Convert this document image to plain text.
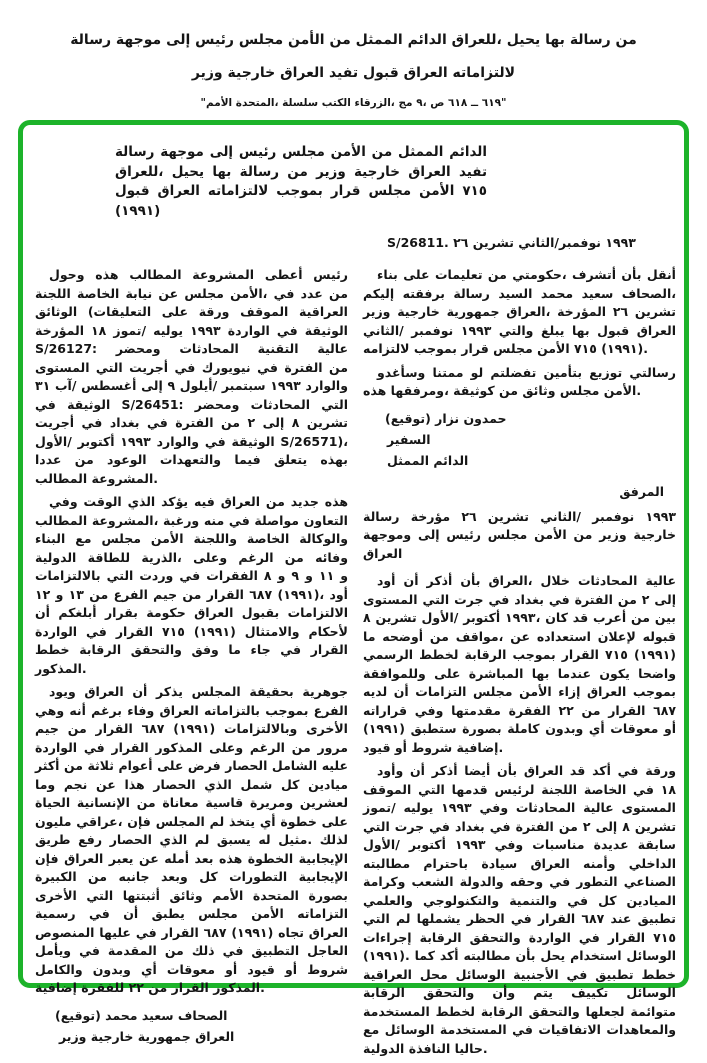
رسالة موجهة إلى رئيس مجلس الأمن من الممثل الدائم للعراق، يحيل بها رسالة من
وزير خارجية العراق تفيد قبول العراق لالتزاماته
"الأمم المتحدة، سلسلة الكتب الزرقاء، مج ٩، ص ٦١٨ ــ ٦١٩"
رسالة موجهة إلى رئيس مجلس الأمن من الممثل الدائم للعراق، يحيل بها رسالة من وزير خارجية العراق تفيد قبول العراق لالتزاماته بموجب قرار مجلس الأمن ٧١٥ (١٩٩١)
S/26811. ٢٦ تشرين الثاني/نوفمبر ١٩٩٣

وحول هذه المطالب المشروعة أعطى رئيس اللجنة الخاصة نيابة عن مجلس الأمن، في عدد من الوثائق (التعليقات على ورقة الموقف العراقية المؤرخة ١٨ تموز/ يوليه ١٩٩٣ الواردة في الوثيقة S/26127: ومحضر المحادثات التقنية عالية المستوى التي أجريت في نيويورك في الفترة من ٣١ آب/ أغسطس إلى ٩ أيلول/ سبتمبر ١٩٩٣ والوارد في الوثيقة S/26451: ومحضر المحادثات التي أجريت في بغداد في الفترة من ٢ إلى ٨ تشرين الأول/ أكتوبر ١٩٩٣ والوارد في الوثيقة S/26571)، عددا من الوعود والتعهدات فيما يتعلق بهذه المطالب المشروعة.

وفي الوقت الذي يؤكد فيه العراق من جديد هذه المطالب المشروعة، ورغبة منه في مواصلة التعاون البناء مع مجلس الأمن واللجنة الخاصة والوكالة الدولية للطاقة الذرية، وعلى الرغم من وفائه بالالتزامات التي وردت في الفقرات ٨ و ٩ و ١١ و ١٢ و ١٣ من الفرع جيم من القرار ٦٨٧ (١٩٩١)، أود أن أبلغكم بقرار حكومة العراق بقبول الالتزامات الواردة في القرار ٧١٥ (١٩٩١) والامتثال لأحكام خطط الرقابة والتحقق وفق ما جاء في القرار المذكور.

ويود العراق أن يذكر المجلس بحقيقة جوهرية وهي أنه برغم وفاء العراق بالتزاماته بموجب الفرع جيم من القرار ٦٨٧ (١٩٩١) وبالالتزامات الأخرى الواردة في القرار المذكور وعلى الرغم من مرور أكثر من ثلاثة أعوام على فرض الحصار الشامل عليه وما نجم عن هذا الحصار الذي شمل كل ميادين الحياة الإنسانية من معاناة قاسية ومريرة لعشرين مليون عراقي، فإن المجلس لم يتخذ أي خطوة على طريق رفع الحصار الذي لم يسبق له مثيل. لذلك فإن العراق يعبر عن أمله بعد هذه الخطوة الإيجابية الكبيرة من جانبه وبعد كل التطورات الإيجابية الأخرى التي أثبتتها وثائق الأمم المتحدة بصورة رسمية في أن يطبق مجلس الأمن التزاماته المنصوص عليها في القرار ٦٨٧ (١٩٩١) تجاه العراق ويأمل في المقدمة من ذلك في التطبيق العاجل والكامل وبدون أي معوقات أو قيود أو شروط إضافية للفقرة ٢٢ من القرار المذكور.

(توقيع) محمد سعيد الصحاف
وزير خارجية جمهورية العراق

بناء على تعليمات من حكومتي، أتشرف بأن أنقل إليكم برفقته رسالة السيد محمد سعيد الصحاف، وزير خارجية جمهورية العراق، المؤرخة ٢٦ تشرين الثاني/ نوفمبر ١٩٩٣ والتي يبلغ بها قبول العراق لالتزامه بموجب قرار مجلس الأمن ٧١٥ (١٩٩١).

وسأغدو ممتنا لو تفضلتم بتأمين توزيع رسالتي هذه ومرفقها، كوثيقة من وثائق مجلس الأمن.

(توقيع) نزار حمدون
السفير
الممثل الدائم
المرفق
رسالة مؤرخة ٢٦ تشرين الثاني/ نوفمبر ١٩٩٣ وموجهة إلى رئيس مجلس الأمن من وزير خارجية العراق

أود أن أذكر بأن العراق، خلال المحادثات عالية المستوى التي جرت في بغداد في الفترة من ٢ إلى ٨ تشرين الأول/ أكتوبر ١٩٩٣، كان قد أعرب من بين ما أوضحه من مواقف، عن استعداده لإعلان قبوله الرسمي لخطط الرقابة بموجب القرار ٧١٥ (١٩٩١) وللموافقة على المباشرة بها عندما يكون واضحا لديه أن التزامات مجلس الأمن إزاء العراق بموجب قراراته وفي مقدمتها الفقرة ٢٢ من القرار ٦٨٧ (١٩٩١) ستطبق بصورة كاملة وبدون أي معوقات أو قيود أو شروط إضافية.

وأود أن أذكر أيضا بأن العراق قد أكد في ورقة الموقف التي قدمها لرئيس اللجنة الخاصة في ١٨ تموز/ يوليه ١٩٩٣ وفي المحادثات عالية المستوى التي جرت في بغداد في الفترة من ٢ إلى ٨ تشرين الأول/ أكتوبر ١٩٩٣ وفي مناسبات عديدة سابقة مطالبته باحترام سيادة العراق وأمنه الداخلي وكرامة الشعب والدولة وحقه في التطور الصناعي والعلمي والتكنولوجي والتنمية في كل الميادين التي لم يشملها الحظر في القرار ٦٨٧ عند تطبيق إجراءات الرقابة والتحقق الواردة في القرار ٧١٥ (١٩٩١). كما أكد مطالبته بأن يحل استخدام الوسائل العراقية محل الوسائل الأجنبية في تطبيق خطط الرقابة والتحقق وأن يتم تكييف الوسائل المستخدمة لخطط الرقابة والتحقق لجعلها متوائمة مع الوسائل المستخدمة في الاتفاقيات والمعاهدات الدولية النافذة حاليا.
